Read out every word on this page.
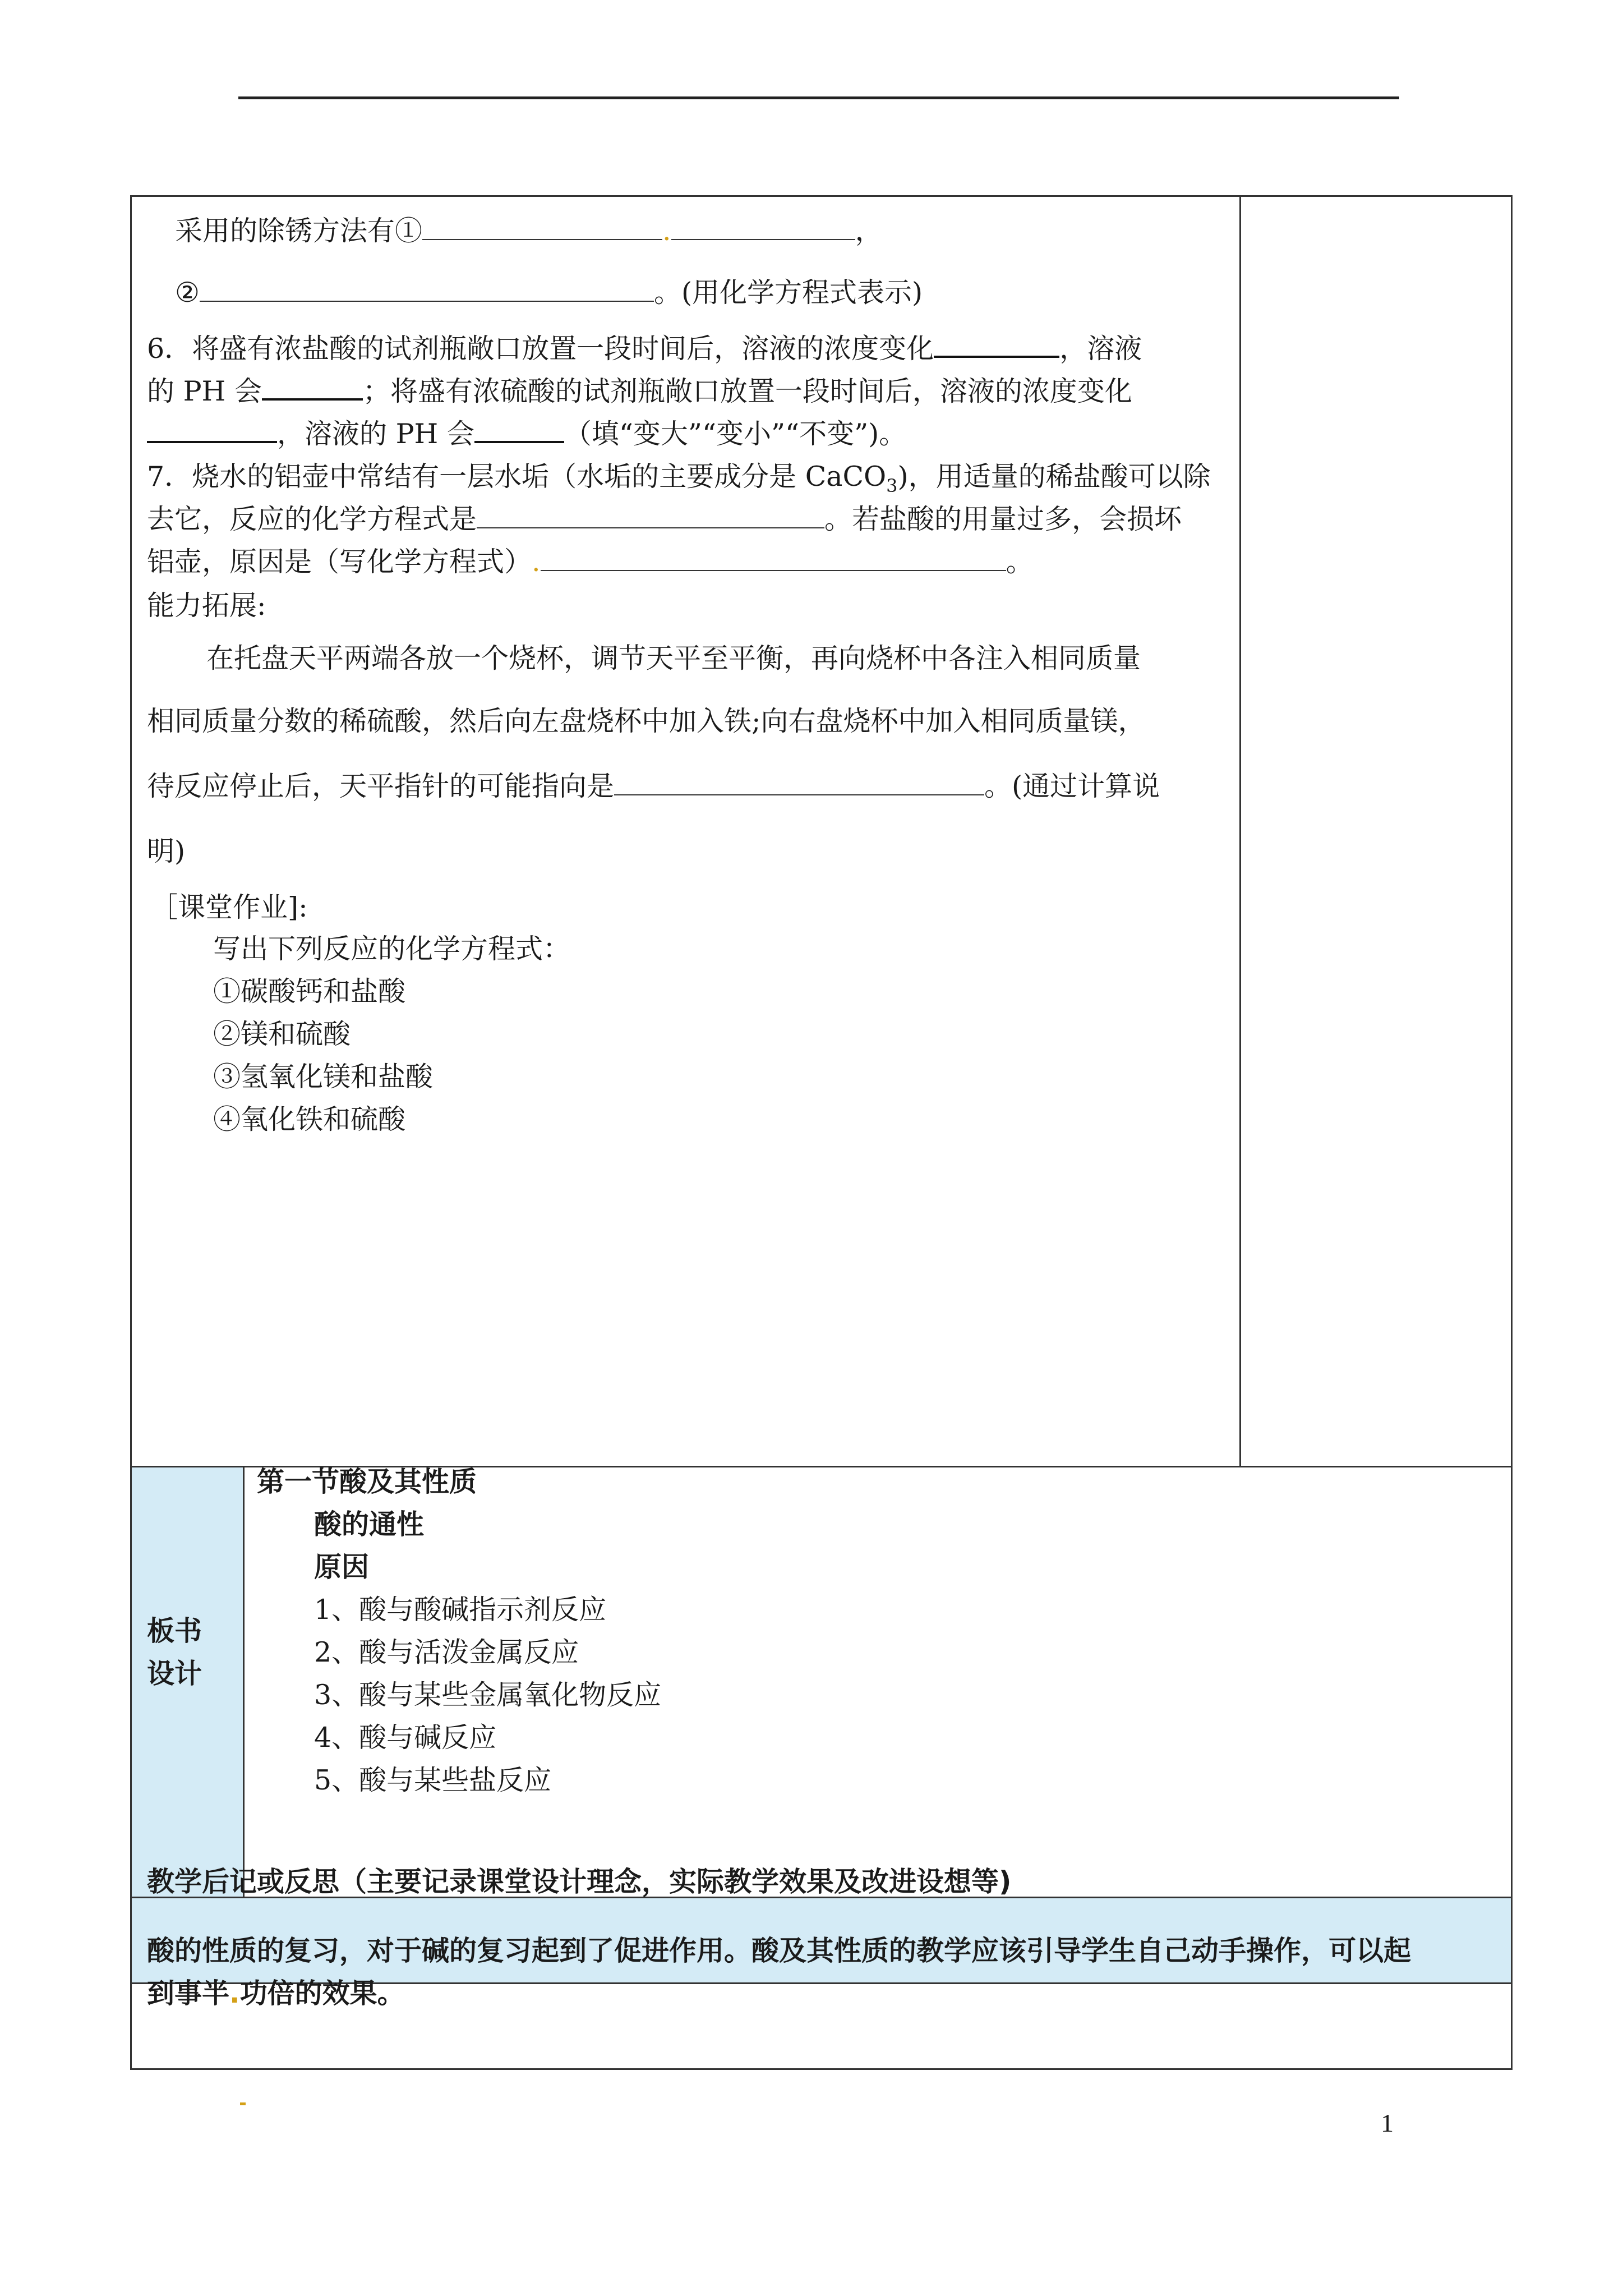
采用的除锈方法有①	.	，
②	。(用化学方程式表示)
6．将盛有浓盐酸的试剂瓶敞口放置一段时间后，溶液的浓度变化	，溶液
的 PH 会	；将盛有浓硫酸的试剂瓶敞口放置一段时间后，溶液的浓度变化
，溶液的 PH 会	（填“变大”“变小”“不变”)。
7．烧水的铝壶中常结有一层水垢（水垢的主要成分是 CaCO$_3$)，用适量的稀盐酸可以除
去它，反应的化学方程式是	。若盐酸的用量过多，会损坏
铝壶，原因是（写化学方程式）.	。
能力拓展:
在托盘天平两端各放一个烧杯，调节天平至平衡，再向烧杯中各注入相同质量
相同质量分数的稀硫酸，然后向左盘烧杯中加入铁;向右盘烧杯中加入相同质量镁，
待反应停止后，天平指针的可能指向是	。(通过计算说
明)
［课堂作业]:
写出下列反应的化学方程式：
①碳酸钙和盐酸
②镁和硫酸
③氢氧化镁和盐酸
④氧化铁和硫酸
板书
设计
第一节酸及其性质
酸的通性
原因
1、酸与酸碱指示剂反应
2、酸与活泼金属反应
3、酸与某些金属氧化物反应
4、酸与碱反应
5、酸与某些盐反应
教学后记或反思（主要记录课堂设计理念，实际教学效果及改进设想等)
酸的性质的复习，对于碱的复习起到了促进作用。酸及其性质的教学应该引导学生自己动手操作，可以起
到事半.功倍的效果。
1
